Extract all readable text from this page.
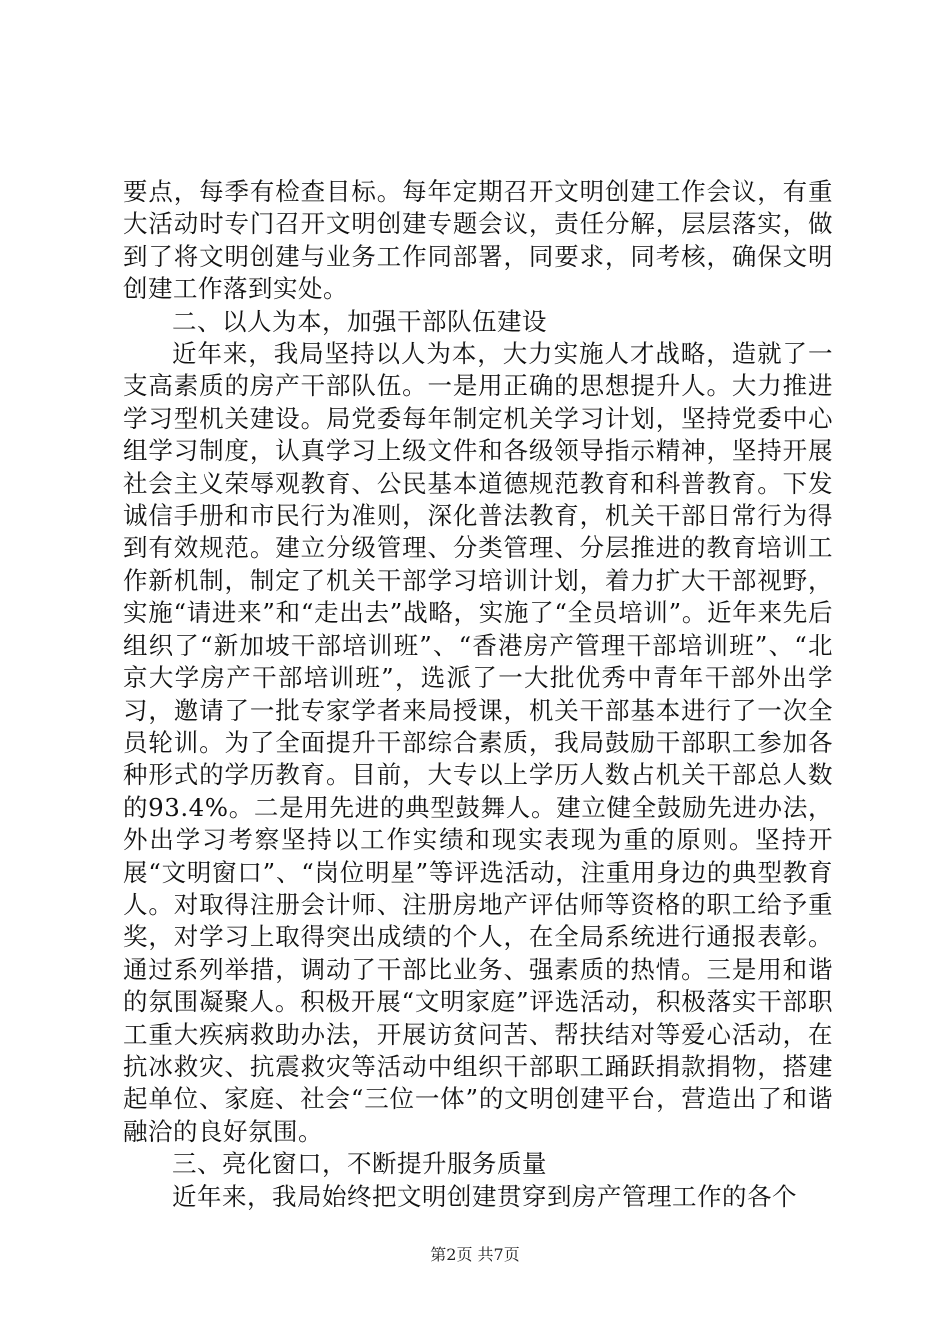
要点，每季有检查目标。每年定期召开文明创建工作会议，有重大活动时专门召开文明创建专题会议，责任分解，层层落实，做到了将文明创建与业务工作同部署，同要求，同考核，确保文明创建工作落到实处。

二、以人为本，加强干部队伍建设

近年来，我局坚持以人为本，大力实施人才战略，造就了一支高素质的房产干部队伍。一是用正确的思想提升人。大力推进学习型机关建设。局党委每年制定机关学习计划，坚持党委中心组学习制度，认真学习上级文件和各级领导指示精神，坚持开展社会主义荣辱观教育、公民基本道德规范教育和科普教育。下发诚信手册和市民行为准则，深化普法教育，机关干部日常行为得到有效规范。建立分级管理、分类管理、分层推进的教育培训工作新机制，制定了机关干部学习培训计划，着力扩大干部视野，实施“请进来”和“走出去”战略，实施了“全员培训”。近年来先后组织了“新加坡干部培训班”、“香港房产管理干部培训班”、“北京大学房产干部培训班”，选派了一大批优秀中青年干部外出学习，邀请了一批专家学者来局授课，机关干部基本进行了一次全员轮训。为了全面提升干部综合素质，我局鼓励干部职工参加各种形式的学历教育。目前，大专以上学历人数占机关干部总人数的93.4%。二是用先进的典型鼓舞人。建立健全鼓励先进办法，外出学习考察坚持以工作实绩和现实表现为重的原则。坚持开展“文明窗口”、“岗位明星”等评选活动，注重用身边的典型教育人。对取得注册会计师、注册房地产评估师等资格的职工给予重奖，对学习上取得突出成绩的个人，在全局系统进行通报表彰。通过系列举措，调动了干部比业务、强素质的热情。三是用和谐的氛围凝聚人。积极开展“文明家庭”评选活动，积极落实干部职工重大疾病救助办法，开展访贫问苦、帮扶结对等爱心活动，在抗冰救灾、抗震救灾等活动中组织干部职工踊跃捐款捐物，搭建起单位、家庭、社会“三位一体”的文明创建平台，营造出了和谐融洽的良好氛围。

三、亮化窗口，不断提升服务质量

近年来，我局始终把文明创建贯穿到房产管理工作的各个

第2页 共7页
